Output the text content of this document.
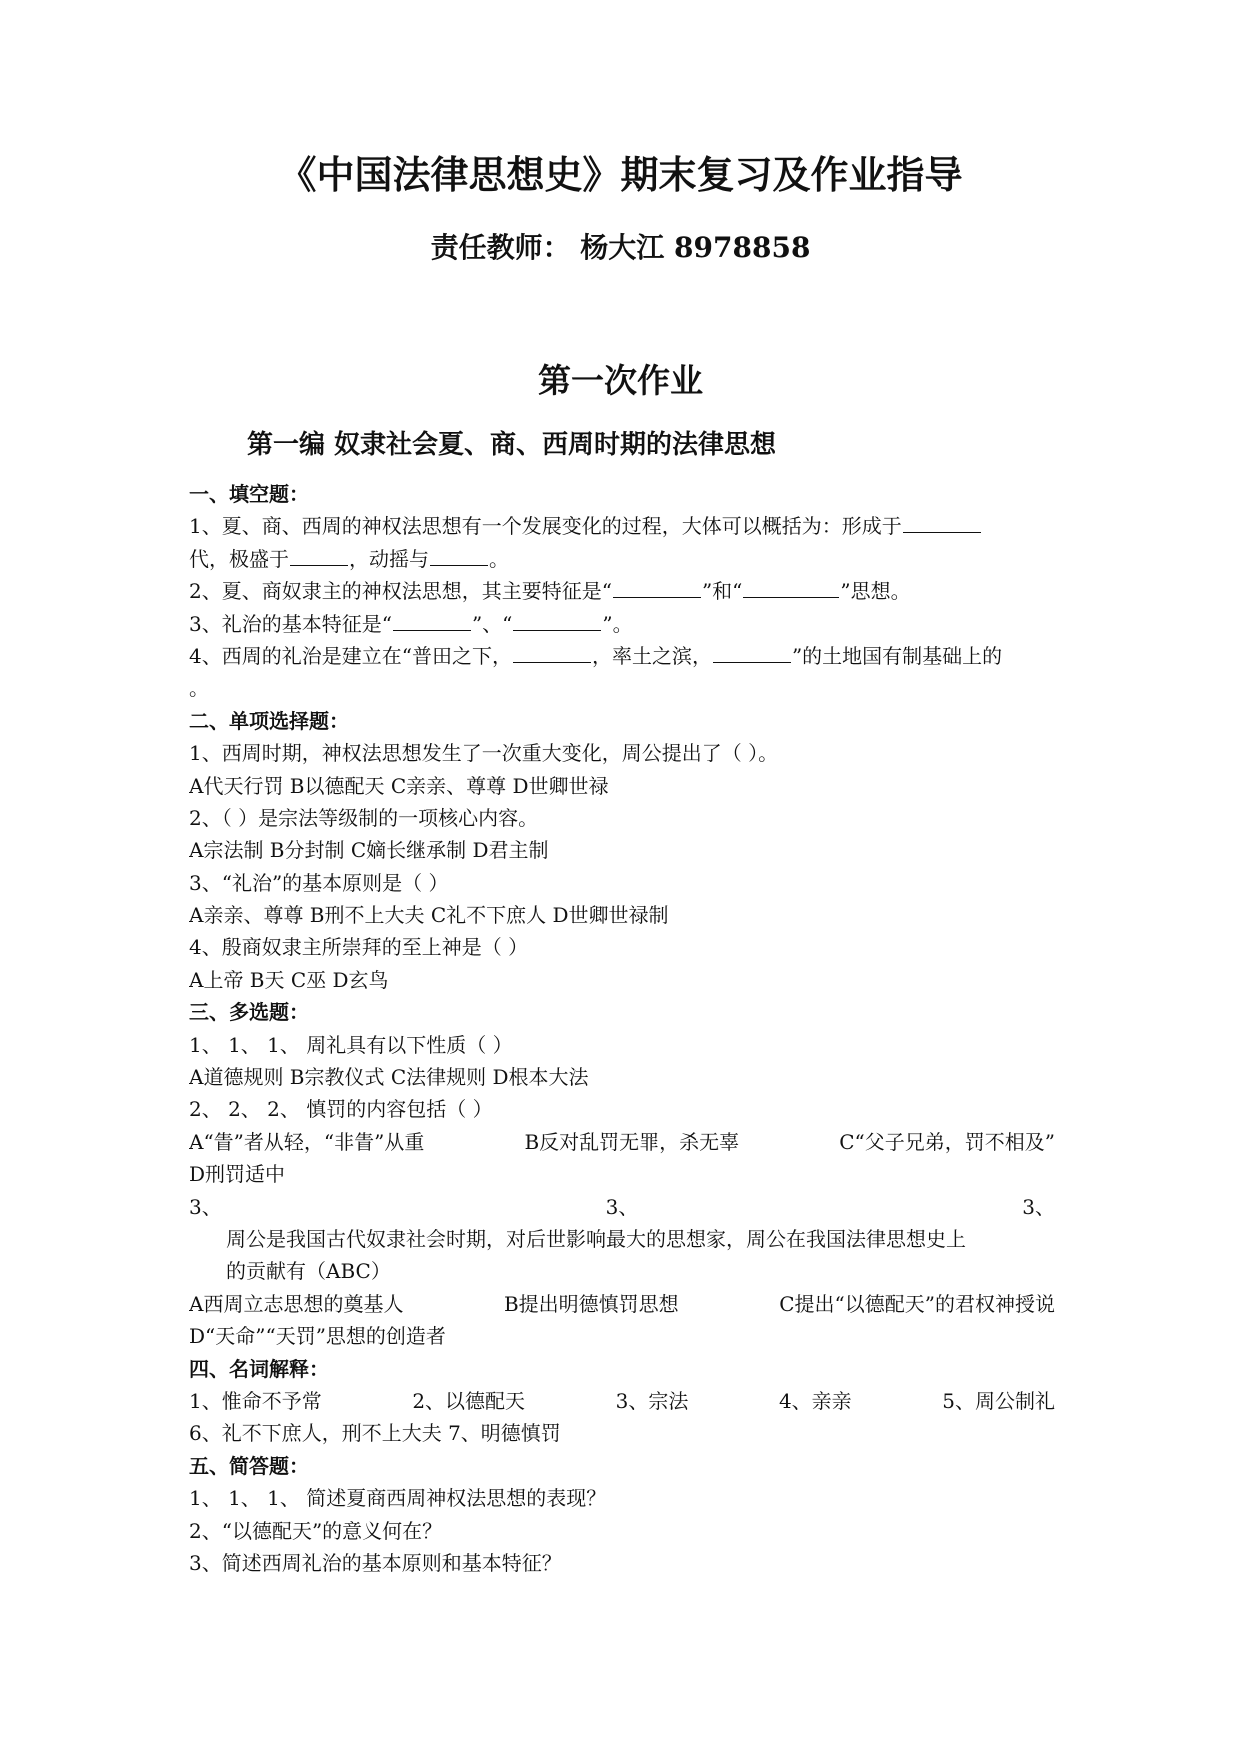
《中国法律思想史》期末复习及作业指导
责任教师： 杨大江 8978858
第一次作业
第一编 奴隶社会夏、商、西周时期的法律思想
一、填空题：
1、夏、商、西周的神权法思想有一个发展变化的过程，大体可以概括为：形成于
代，极盛于	，动摇与	。
2、夏、商奴隶主的神权法思想，其主要特征是“	”和“	”思想。
3、礼治的基本特征是“	”、“	”。
4、西周的礼治是建立在“普田之下，	，率土之滨，	”的土地国有制基础上的
。
二、单项选择题：
1、西周时期，神权法思想发生了一次重大变化，周公提出了（ ）。
A代天行罚 B以德配天 C亲亲、尊尊 D世卿世禄
2、（ ）是宗法等级制的一项核心内容。
A宗法制 B分封制 C嫡长继承制 D君主制
3、“礼治”的基本原则是（ ）
A亲亲、尊尊 B刑不上大夫 C礼不下庶人 D世卿世禄制
4、殷商奴隶主所崇拜的至上神是（ ）
A上帝 B天 C巫 D玄鸟
三、多选题：
1、 1、 1、 周礼具有以下性质（ ）
A道德规则 B宗教仪式 C法律规则 D根本大法
2、 2、 2、 慎罚的内容包括（ ）
A“眚”者从轻，“非眚”从重	B反对乱罚无罪，杀无辜	C“父子兄弟，罚不相及”
D刑罚适中
3、	3、	3、
周公是我国古代奴隶社会时期，对后世影响最大的思想家，周公在我国法律思想史上
的贡献有（ABC）
A西周立志思想的奠基人	B提出明德慎罚思想	C提出“以德配天”的君权神授说
D“天命”“天罚”思想的创造者
四、名词解释：
1、惟命不予常	2、以德配天	3、宗法	4、亲亲	5、周公制礼
6、礼不下庶人，刑不上大夫 7、明德慎罚
五、简答题：
1、 1、 1、 简述夏商西周神权法思想的表现？
2、“以德配天”的意义何在？
3、简述西周礼治的基本原则和基本特征？
